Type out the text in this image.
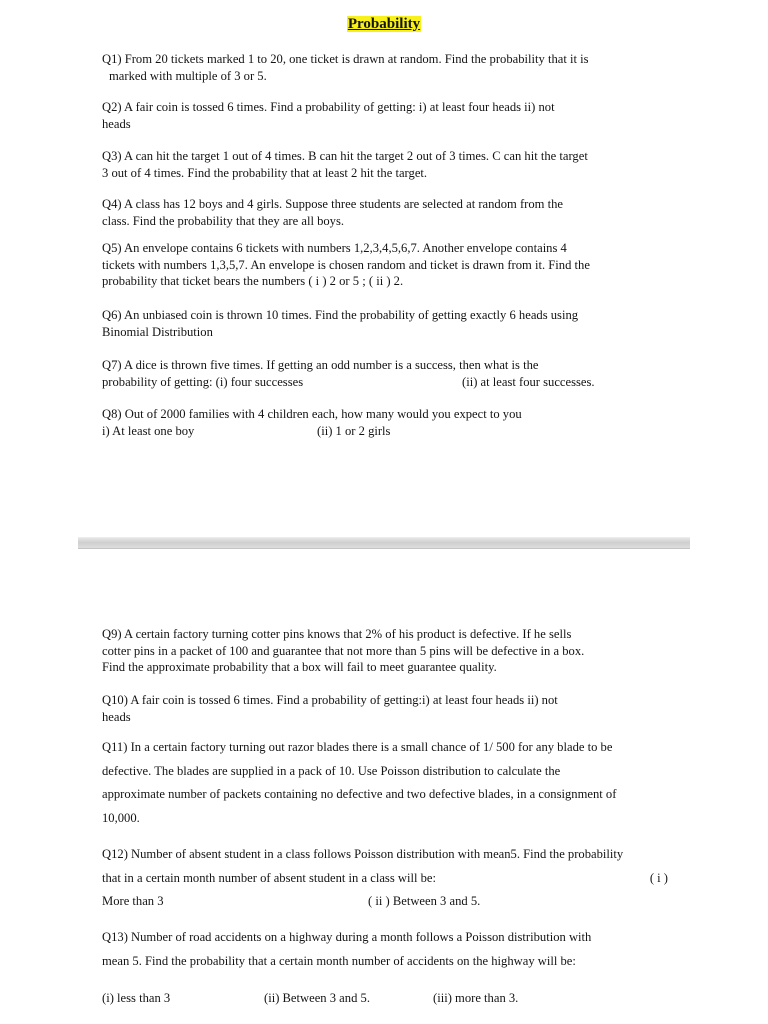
Probability
Q1) From 20 tickets marked 1 to 20, one ticket is drawn at random. Find the probability that it is
marked with multiple of 3 or 5.
Q2) A fair coin is tossed 6 times. Find a probability of getting: i) at least four heads ii) not
heads
Q3) A can hit the target 1 out of 4 times. B can hit the target 2 out of 3 times. C can hit the target
3 out of 4 times. Find the probability that at least 2 hit the target.
Q4) A class has 12 boys and 4 girls. Suppose three students are selected at random from the
class. Find the probability that they are all boys.
Q5) An envelope contains 6 tickets with numbers 1,2,3,4,5,6,7. Another envelope contains 4
tickets with numbers 1,3,5,7. An envelope is chosen random and ticket is drawn from it. Find the
probability that ticket bears the numbers ( i ) 2 or 5 ; ( ii ) 2.
Q6) An unbiased coin is thrown 10 times. Find the probability of getting exactly 6 heads using
Binomial Distribution
Q7) A dice is thrown five times. If getting an odd number is a success, then what is the
probability of getting: (i) four successes	(ii) at least four successes.
Q8) Out of 2000 families with 4 children each, how many would you expect to you
i) At least one boy	(ii) 1 or 2 girls
Q9) A certain factory turning cotter pins knows that 2% of his product is defective. If he sells
cotter pins in a packet of 100 and guarantee that not more than 5 pins will be defective in a box.
Find the approximate probability that a box will fail to meet guarantee quality.
Q10) A fair coin is tossed 6 times. Find a probability of getting:i) at least four heads ii) not
heads
Q11) In a certain factory turning out razor blades there is a small chance of 1/ 500 for any blade to be
defective. The blades are supplied in a pack of 10. Use Poisson distribution to calculate the
approximate number of packets containing no defective and two defective blades, in a consignment of
10,000.
Q12) Number of absent student in a class follows Poisson distribution with mean5. Find the probability
that in a certain month number of absent student in a class will be:	( i )
More than 3	( ii ) Between 3 and 5.
Q13) Number of road accidents on a highway during a month follows a Poisson distribution with
mean 5. Find the probability that a certain month number of accidents on the highway will be:
(i) less than 3	(ii) Between 3 and 5.	(iii) more than 3.
